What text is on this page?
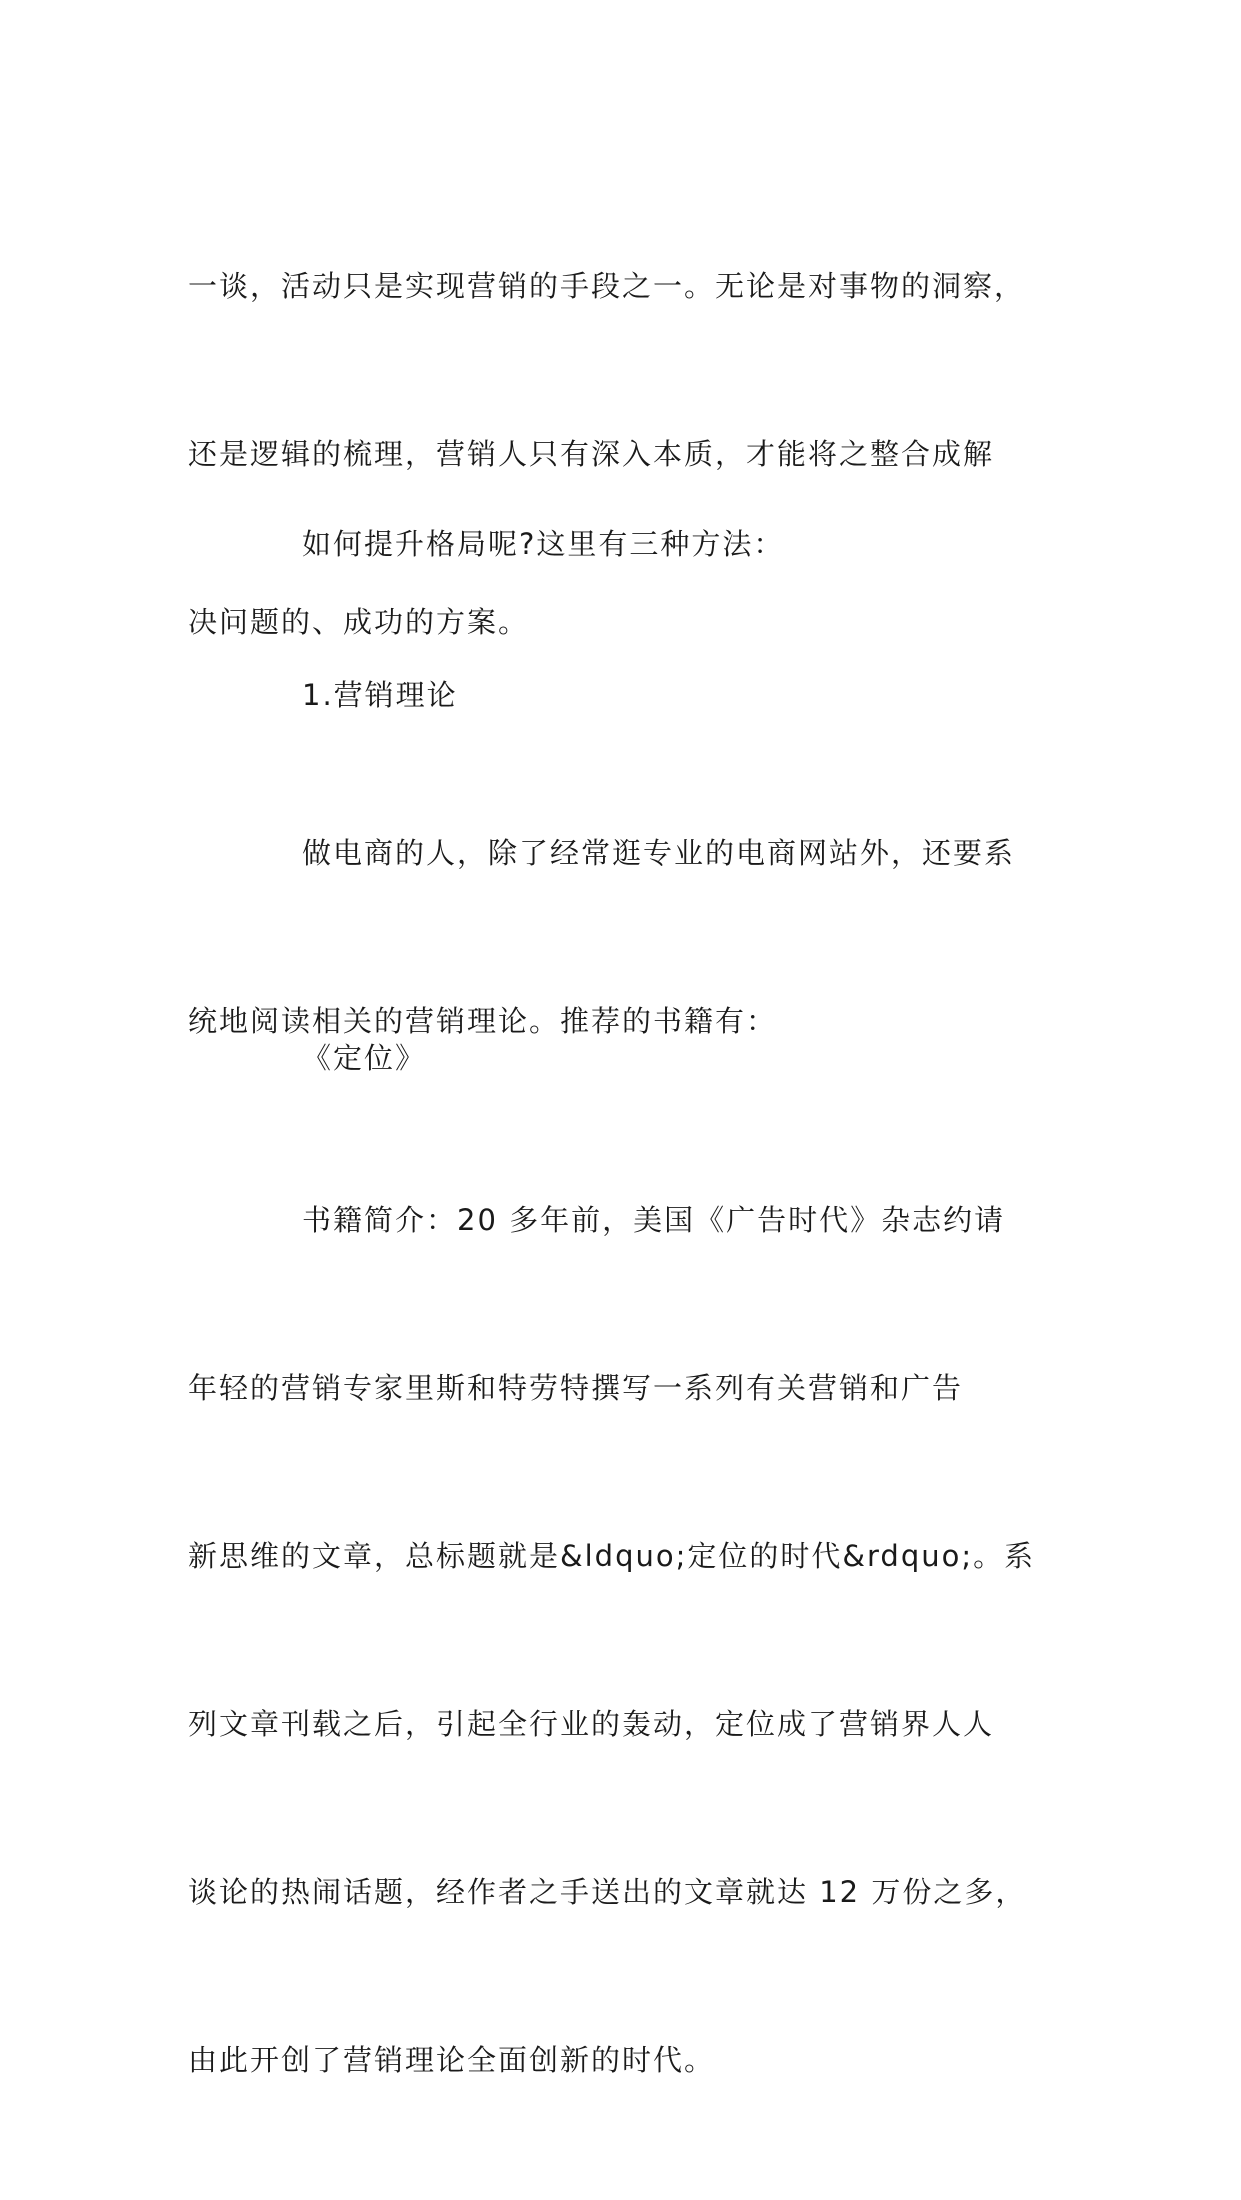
一谈，活动只是实现营销的手段之一。无论是对事物的洞察，

还是逻辑的梳理，营销人只有深入本质，才能将之整合成解

决问题的、成功的方案。

如何提升格局呢?这里有三种方法：

1.营销理论

做电商的人，除了经常逛专业的电商网站外，还要系

统地阅读相关的营销理论。推荐的书籍有：

《定位》

书籍简介：20 多年前，美国《广告时代》杂志约请

年轻的营销专家里斯和特劳特撰写一系列有关营销和广告

新思维的文章，总标题就是&ldquo;定位的时代&rdquo;。系

列文章刊载之后，引起全行业的轰动，定位成了营销界人人

谈论的热闹话题，经作者之手送出的文章就达 12 万份之多，

由此开创了营销理论全面创新的时代。
